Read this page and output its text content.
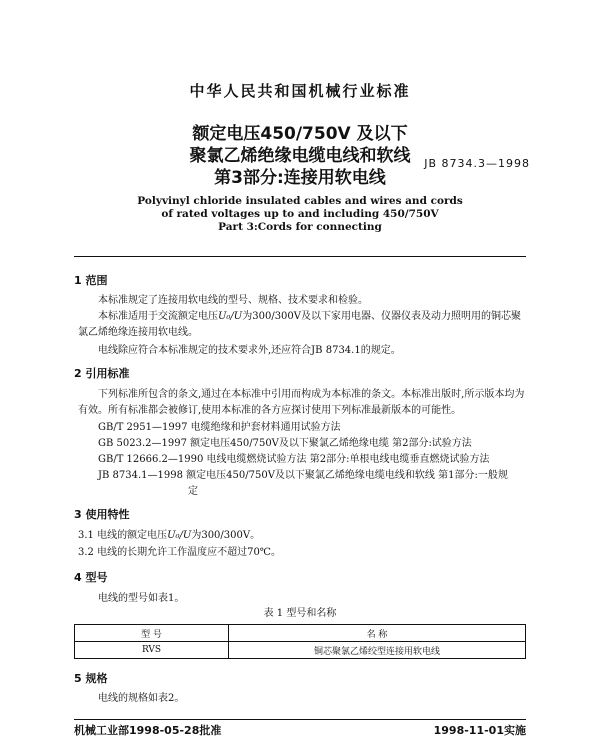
中华人民共和国机械行业标准
额定电压450/750V 及以下
聚氯乙烯绝缘电缆电线和软线
第3部分:连接用软电线
JB 8734.3—1998
Polyvinyl chloride insulated cables and wires and cords
of rated voltages up to and including 450/750V
Part 3:Cords for connecting
1 范围
本标准规定了连接用软电线的型号、规格、技术要求和检验。
本标准适用于交流额定电压U₀/U为300/300V及以下家用电器、仪器仪表及动力照明用的铜芯聚氯乙烯绝缘连接用软电线。
电线除应符合本标准规定的技术要求外,还应符合JB 8734.1的规定。
2 引用标准
下列标准所包含的条文,通过在本标准中引用而构成为本标准的条文。本标准出版时,所示版本均为有效。所有标准都会被修订,使用本标准的各方应探讨使用下列标准最新版本的可能性。
GB/T 2951—1997 电缆绝缘和护套材料通用试验方法
GB 5023.2—1997 额定电压450/750V及以下聚氯乙烯绝缘电缆 第2部分:试验方法
GB/T 12666.2—1990 电线电缆燃烧试验方法 第2部分:单根电线电缆垂直燃烧试验方法
JB 8734.1—1998 额定电压450/750V及以下聚氯乙烯绝缘电缆电线和软线 第1部分:一般规
定
3 使用特性
3.1 电线的额定电压U₀/U为300/300V。
3.2 电线的长期允许工作温度应不超过70℃。
4 型号
电线的型号如表1。
表 1 型号和名称
型 号	名 称
RVS	铜芯聚氯乙烯绞型连接用软电线
5 规格
电线的规格如表2。
机械工业部1998-05-28批准	1998-11-01实施
